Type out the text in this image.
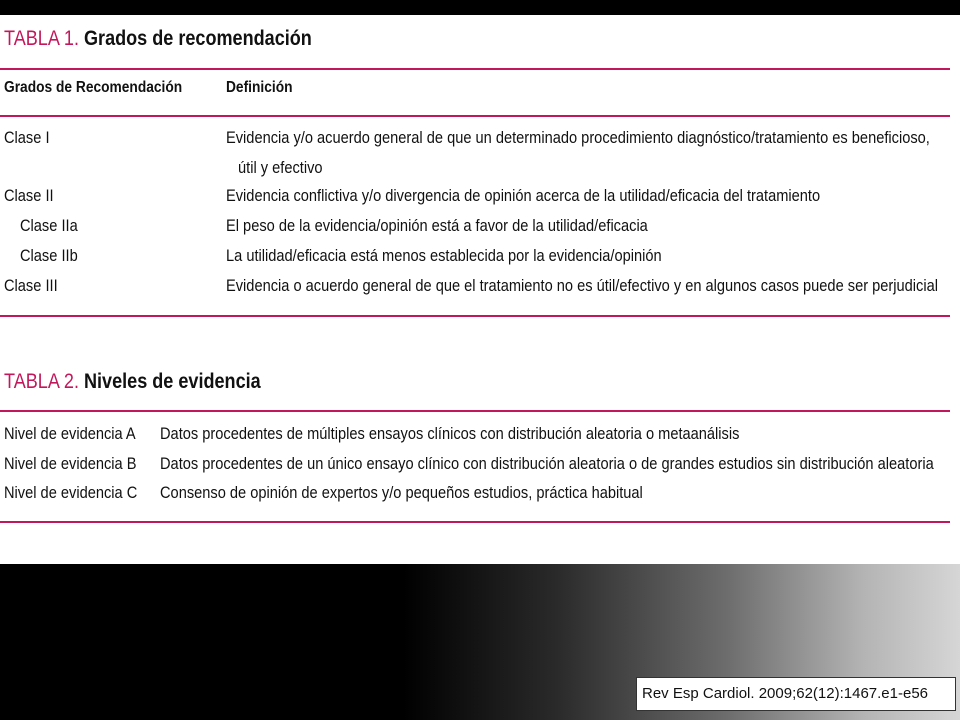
TABLA 1. Grados de recomendación
Grados de Recomendación	Definición
Clase I	Evidencia y/o acuerdo general de que un determinado procedimiento diagnóstico/tratamiento es beneficioso,
útil y efectivo
Clase II	Evidencia conflictiva y/o divergencia de opinión acerca de la utilidad/eficacia del tratamiento
Clase IIa	El peso de la evidencia/opinión está a favor de la utilidad/eficacia
Clase IIb	La utilidad/eficacia está menos establecida por la evidencia/opinión
Clase III	Evidencia o acuerdo general de que el tratamiento no es útil/efectivo y en algunos casos puede ser perjudicial
TABLA 2. Niveles de evidencia
Nivel de evidencia A Datos procedentes de múltiples ensayos clínicos con distribución aleatoria o metaanálisis
Nivel de evidencia B Datos procedentes de un único ensayo clínico con distribución aleatoria o de grandes estudios sin distribución aleatoria
Nivel de evidencia C Consenso de opinión de expertos y/o pequeños estudios, práctica habitual
Rev Esp Cardiol. 2009;62(12):1467.e1-e56
